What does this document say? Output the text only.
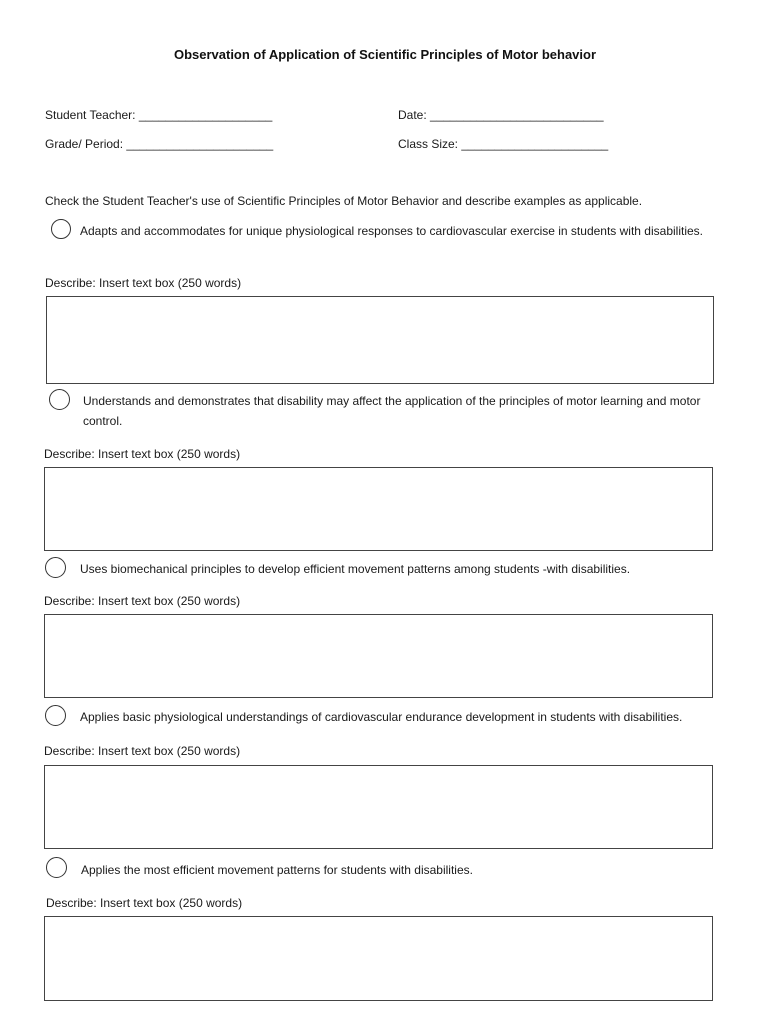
Observation of Application of Scientific Principles of Motor behavior
Student Teacher: ____________________	Date: __________________________
Grade/ Period: ______________________	Class Size: ______________________
Check the Student Teacher's use of Scientific Principles of Motor Behavior and describe examples as applicable.
Adapts and accommodates for unique physiological responses to cardiovascular exercise in students with disabilities.
Describe: Insert text box (250 words)
Understands and demonstrates that disability may affect the application of the principles of motor learning and motor control.
Describe: Insert text box (250 words)
Uses biomechanical principles to develop efficient movement patterns among students -with disabilities.
Describe: Insert text box (250 words)
Applies basic physiological understandings of cardiovascular endurance development in students with disabilities.
Describe: Insert text box (250 words)
Applies the most efficient movement patterns for students with disabilities.
Describe: Insert text box (250 words)
